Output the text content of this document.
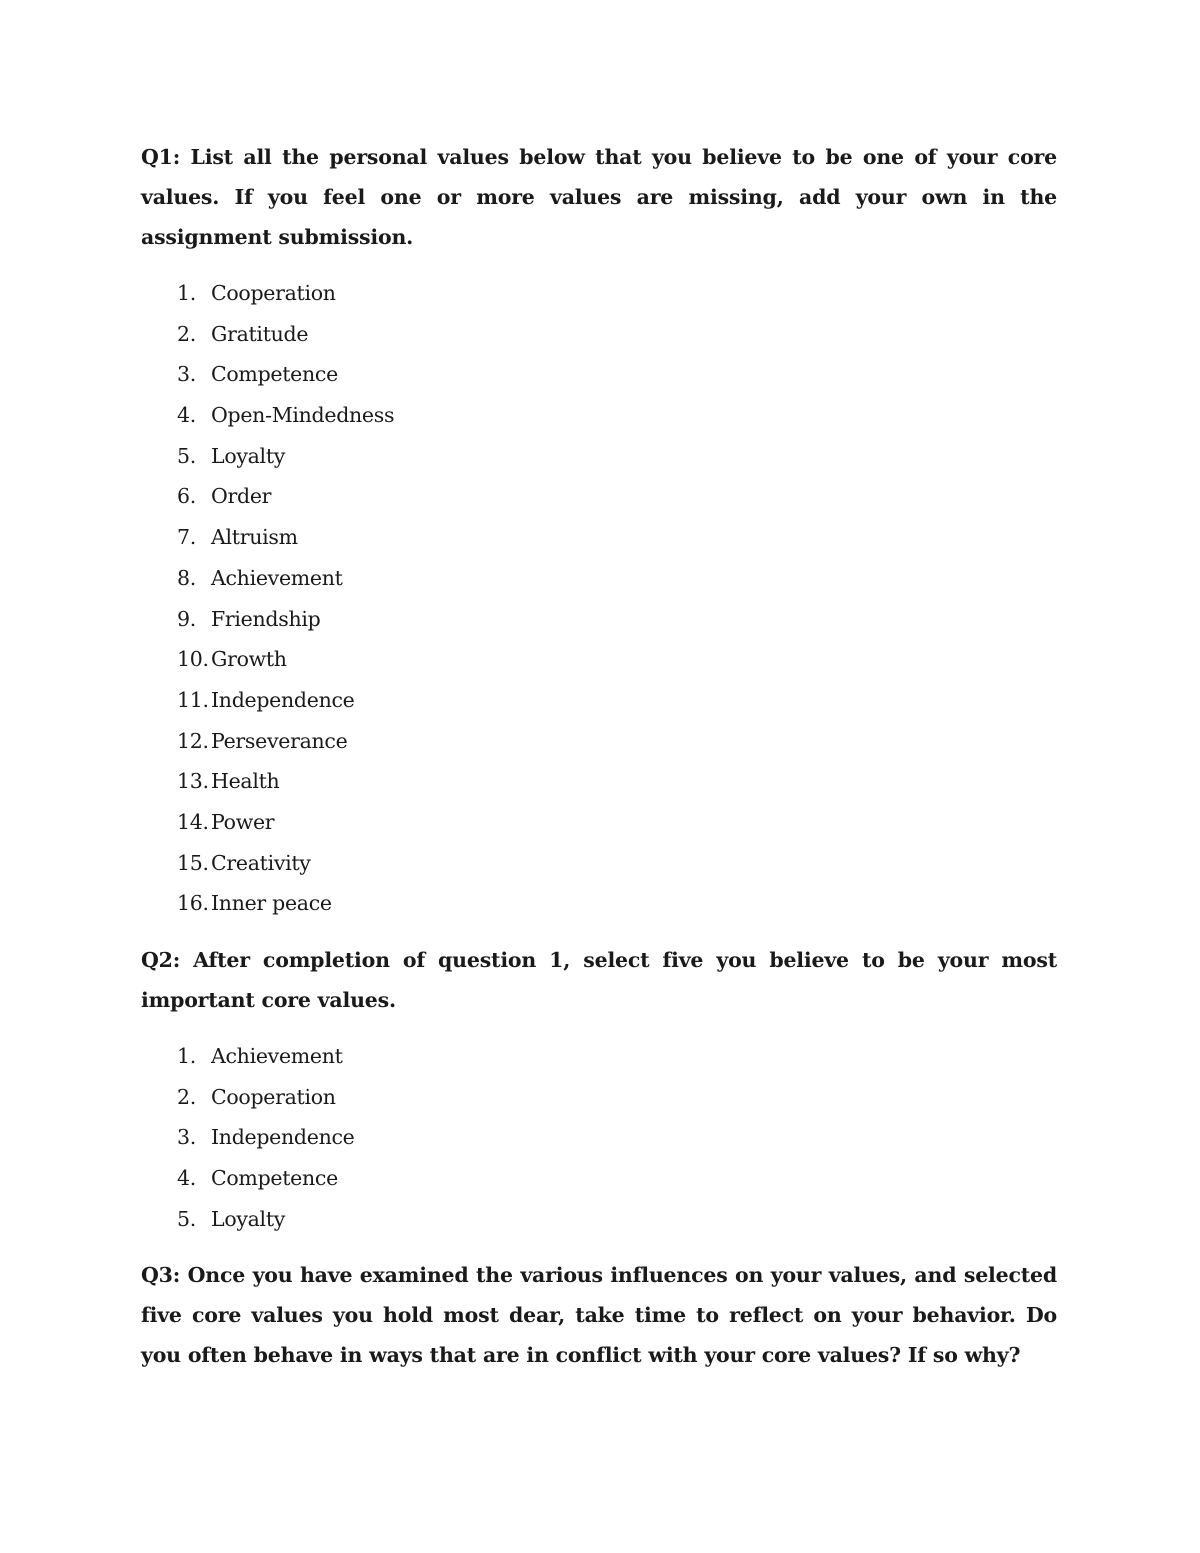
Q1: List all the personal values below that you believe to be one of your core values. If you feel one or more values are missing, add your own in the assignment submission.

1. Cooperation
2. Gratitude
3. Competence
4. Open-Mindedness
5. Loyalty
6. Order
7. Altruism
8. Achievement
9. Friendship
10. Growth
11. Independence
12. Perseverance
13. Health
14. Power
15. Creativity
16. Inner peace

Q2: After completion of question 1, select five you believe to be your most important core values.

1. Achievement
2. Cooperation
3. Independence
4. Competence
5. Loyalty

Q3: Once you have examined the various influences on your values, and selected five core values you hold most dear, take time to reflect on your behavior. Do you often behave in ways that are in conflict with your core values? If so why?
